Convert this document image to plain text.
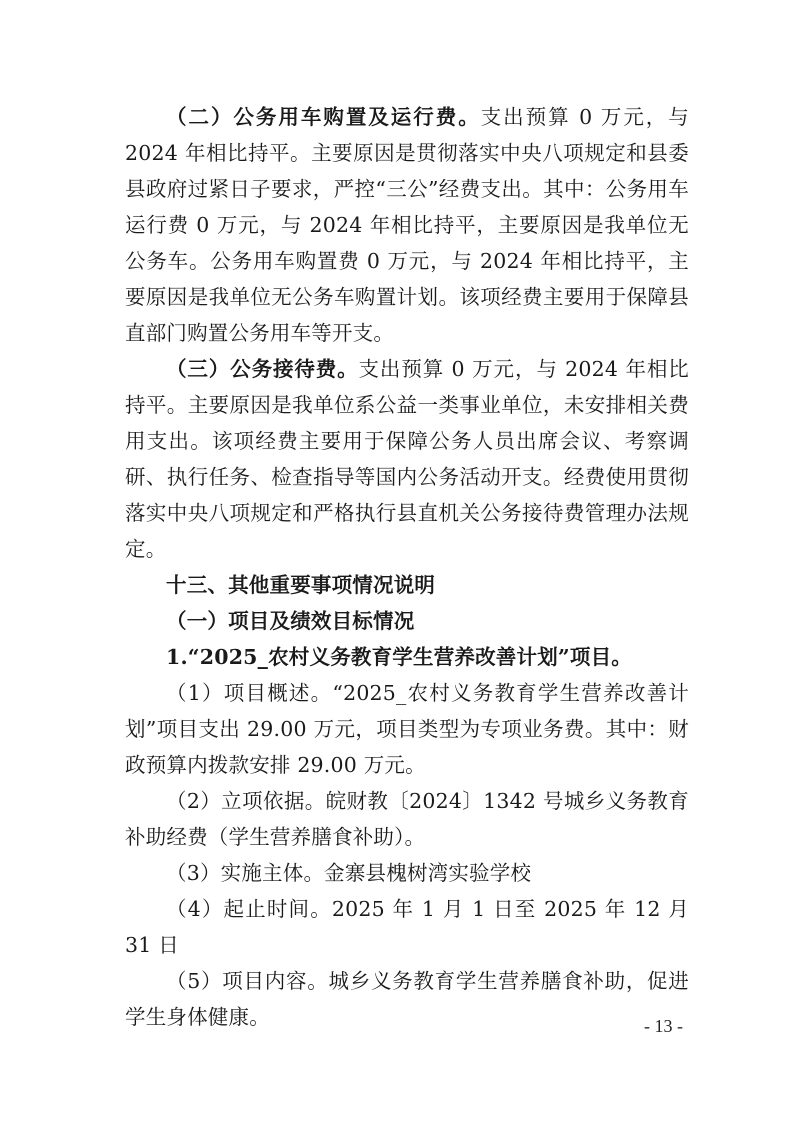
（二）公务用车购置及运行费。支出预算 0 万元，与 2024 年相比持平。主要原因是贯彻落实中央八项规定和县委县政府过紧日子要求，严控“三公”经费支出。其中：公务用车运行费 0 万元，与 2024 年相比持平，主要原因是我单位无公务车。公务用车购置费 0 万元，与 2024 年相比持平，主要原因是我单位无公务车购置计划。该项经费主要用于保障县直部门购置公务用车等开支。

（三）公务接待费。支出预算 0 万元，与 2024 年相比持平。主要原因是我单位系公益一类事业单位，未安排相关费用支出。该项经费主要用于保障公务人员出席会议、考察调研、执行任务、检查指导等国内公务活动开支。经费使用贯彻落实中央八项规定和严格执行县直机关公务接待费管理办法规定。

十三、其他重要事项情况说明

（一）项目及绩效目标情况

1.“2025_农村义务教育学生营养改善计划”项目。

（1）项目概述。“2025_农村义务教育学生营养改善计划”项目支出 29.00 万元，项目类型为专项业务费。其中：财政预算内拨款安排 29.00 万元。

（2）立项依据。皖财教〔2024〕1342 号城乡义务教育补助经费（学生营养膳食补助）。

（3）实施主体。金寨县槐树湾实验学校

（4）起止时间。2025 年 1 月 1 日至 2025 年 12 月 31 日

（5）项目内容。城乡义务教育学生营养膳食补助，促进学生身体健康。	- 13 -
